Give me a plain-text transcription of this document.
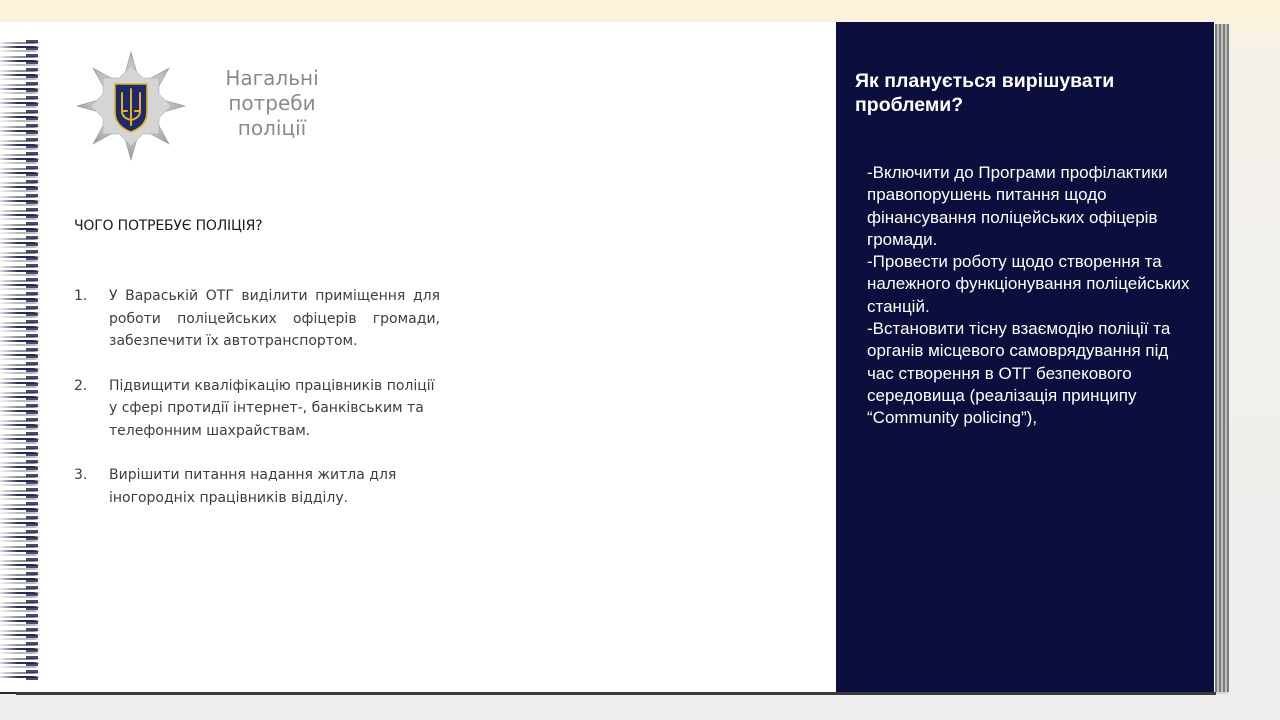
Нагальні
потреби
поліції
ЧОГО ПОТРЕБУЄ ПОЛІЦІЯ?
1. У Вараській ОТГ виділити приміщення для роботи поліцейських офіцерів громади, забезпечити їх автотранспортом.
2. Підвищити кваліфікацію працівників поліції у сфері протидії інтернет-, банківським та телефонним шахрайствам.
3. Вирішити питання надання житла для іногородніх працівників відділу.
Як планується вирішувати проблеми?

-Включити до Програми профілактики правопорушень питання щодо фінансування поліцейських офіцерів громади.
-Провести роботу щодо створення та належного функціонування поліцейських станцій.
-Встановити тісну взаємодію поліції та органів місцевого самоврядування під час створення в ОТГ безпекового середовища (реалізація принципу “Community policing”),
